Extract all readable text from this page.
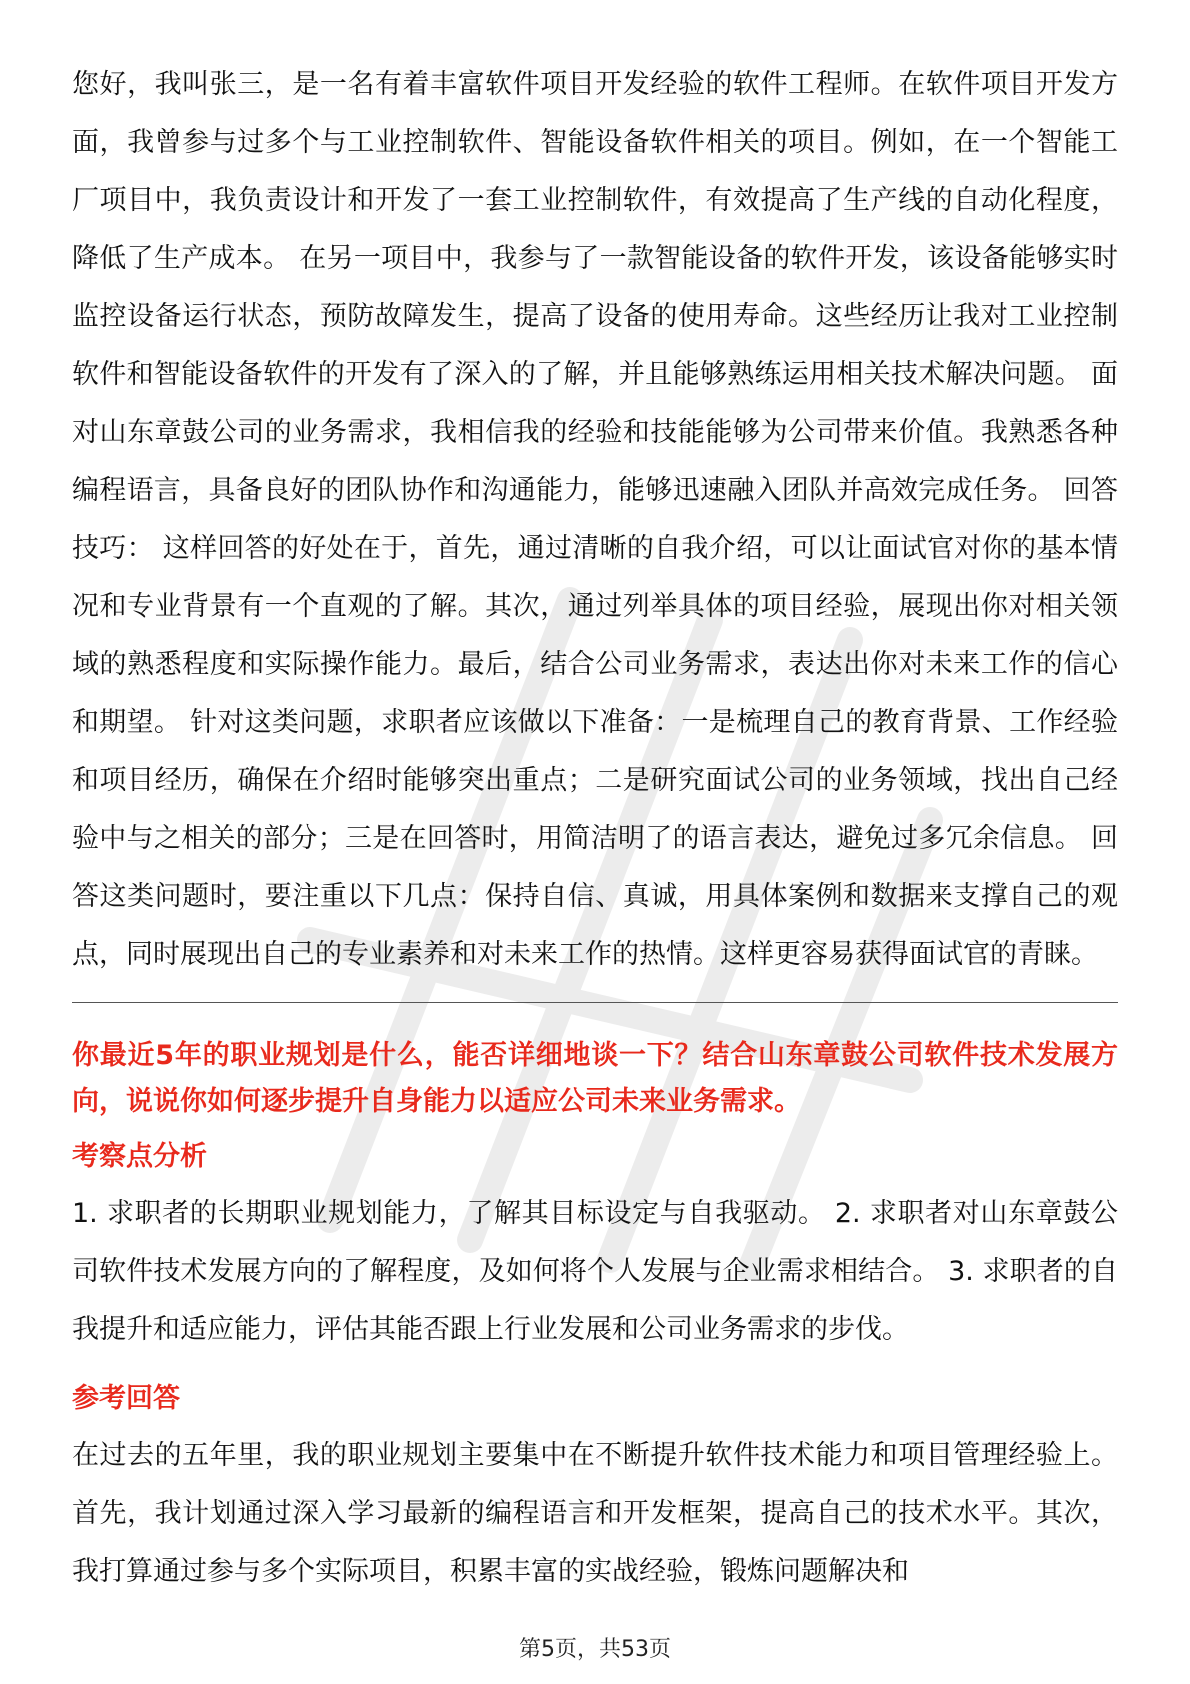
您好，我叫张三，是一名有着丰富软件项目开发经验的软件工程师。在软件项目开发方面，我曾参与过多个与工业控制软件、智能设备软件相关的项目。例如，在一个智能工厂项目中，我负责设计和开发了一套工业控制软件，有效提高了生产线的自动化程度，降低了生产成本。 在另一项目中，我参与了一款智能设备的软件开发，该设备能够实时监控设备运行状态，预防故障发生，提高了设备的使用寿命。这些经历让我对工业控制软件和智能设备软件的开发有了深入的了解，并且能够熟练运用相关技术解决问题。 面对山东章鼓公司的业务需求，我相信我的经验和技能能够为公司带来价值。我熟悉各种编程语言，具备良好的团队协作和沟通能力，能够迅速融入团队并高效完成任务。 回答技巧： 这样回答的好处在于，首先，通过清晰的自我介绍，可以让面试官对你的基本情况和专业背景有一个直观的了解。其次，通过列举具体的项目经验，展现出你对相关领域的熟悉程度和实际操作能力。最后，结合公司业务需求，表达出你对未来工作的信心和期望。 针对这类问题，求职者应该做以下准备：一是梳理自己的教育背景、工作经验和项目经历，确保在介绍时能够突出重点；二是研究面试公司的业务领域，找出自己经验中与之相关的部分；三是在回答时，用简洁明了的语言表达，避免过多冗余信息。 回答这类问题时，要注重以下几点：保持自信、真诚，用具体案例和数据来支撑自己的观点，同时展现出自己的专业素养和对未来工作的热情。这样更容易获得面试官的青睐。

你最近5年的职业规划是什么，能否详细地谈一下？结合山东章鼓公司软件技术发展方向，说说你如何逐步提升自身能力以适应公司未来业务需求。

考察点分析

1. 求职者的长期职业规划能力，了解其目标设定与自我驱动。 2. 求职者对山东章鼓公司软件技术发展方向的了解程度，及如何将个人发展与企业需求相结合。 3. 求职者的自我提升和适应能力，评估其能否跟上行业发展和公司业务需求的步伐。

参考回答

在过去的五年里，我的职业规划主要集中在不断提升软件技术能力和项目管理经验上。首先，我计划通过深入学习最新的编程语言和开发框架，提高自己的技术水平。其次，我打算通过参与多个实际项目，积累丰富的实战经验，锻炼问题解决和

第5页，共53页
